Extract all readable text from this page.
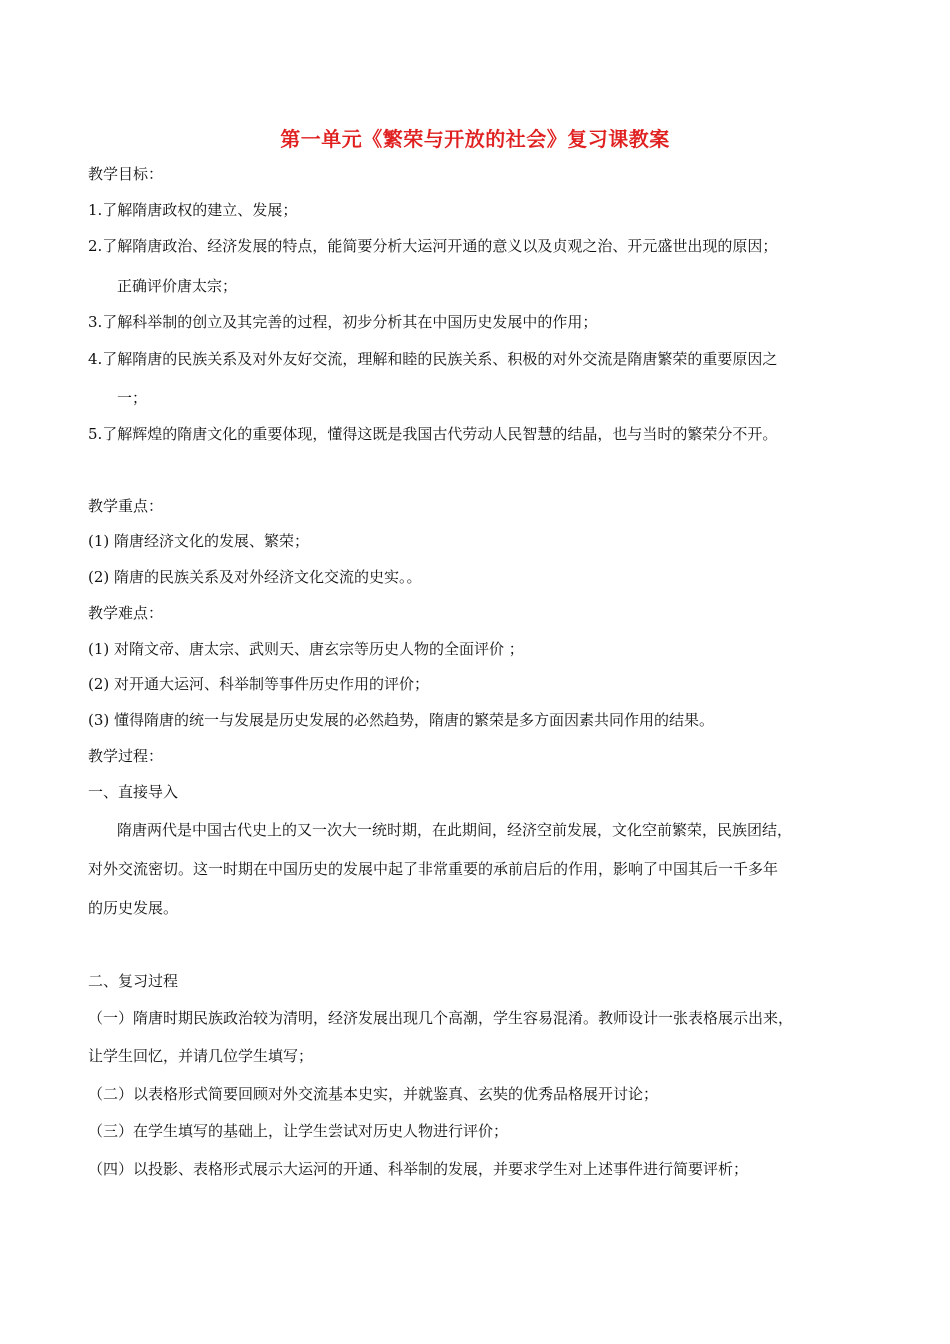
第一单元《繁荣与开放的社会》复习课教案
教学目标：
1.了解隋唐政权的建立、发展；
2.了解隋唐政治、经济发展的特点，能简要分析大运河开通的意义以及贞观之治、开元盛世出现的原因；
正确评价唐太宗；
3.了解科举制的创立及其完善的过程，初步分析其在中国历史发展中的作用；
4.了解隋唐的民族关系及对外友好交流，理解和睦的民族关系、积极的对外交流是隋唐繁荣的重要原因之
一；
5.了解辉煌的隋唐文化的重要体现，懂得这既是我国古代劳动人民智慧的结晶，也与当时的繁荣分不开。
教学重点：
(1) 隋唐经济文化的发展、繁荣；
(2) 隋唐的民族关系及对外经济文化交流的史实。。
教学难点：
(1) 对隋文帝、唐太宗、武则天、唐玄宗等历史人物的全面评价 ；
(2) 对开通大运河、科举制等事件历史作用的评价；
(3) 懂得隋唐的统一与发展是历史发展的必然趋势，隋唐的繁荣是多方面因素共同作用的结果。
教学过程：
一、直接导入
隋唐两代是中国古代史上的又一次大一统时期，在此期间，经济空前发展，文化空前繁荣，民族团结，
对外交流密切。这一时期在中国历史的发展中起了非常重要的承前启后的作用，影响了中国其后一千多年
的历史发展。
二、复习过程
（一）隋唐时期民族政治较为清明，经济发展出现几个高潮，学生容易混淆。教师设计一张表格展示出来，
让学生回忆，并请几位学生填写；
（二）以表格形式简要回顾对外交流基本史实，并就鉴真、玄奘的优秀品格展开讨论；
（三）在学生填写的基础上，让学生尝试对历史人物进行评价；
（四）以投影、表格形式展示大运河的开通、科举制的发展，并要求学生对上述事件进行简要评析；
